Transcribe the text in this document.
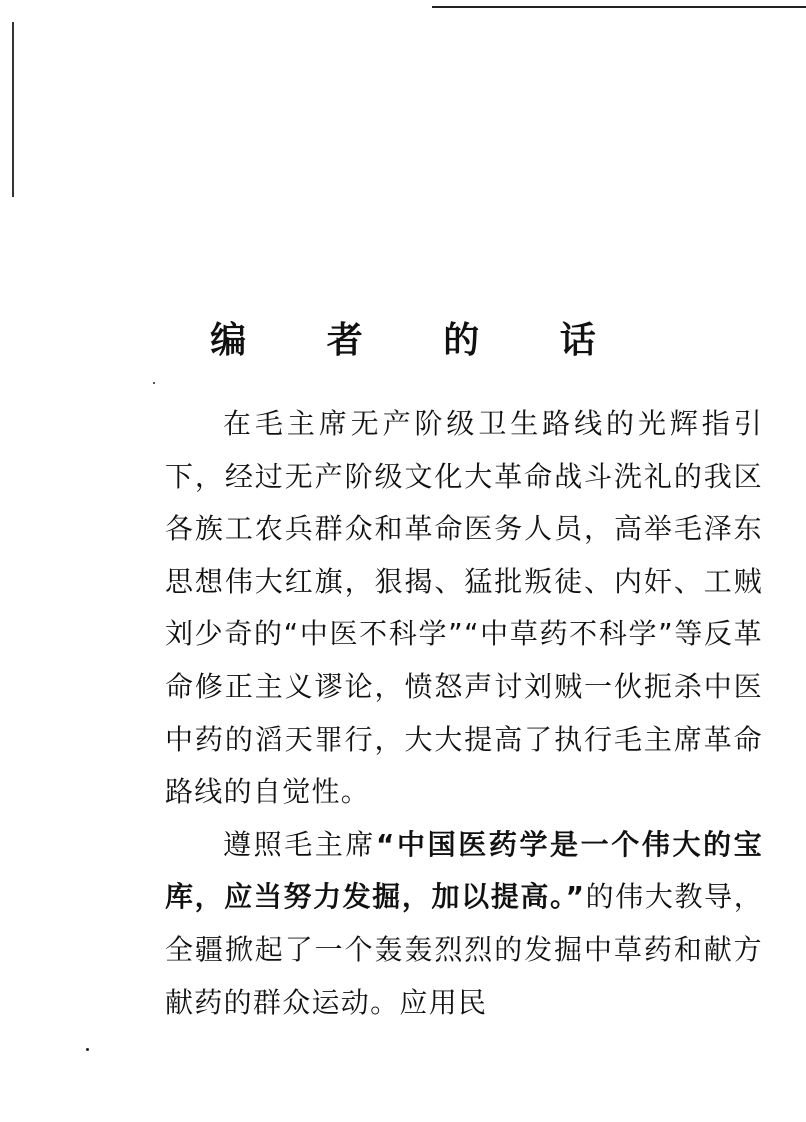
编 者 的 话

在毛主席无产阶级卫生路线的光辉指引下，经过无产阶级文化大革命战斗洗礼的我区各族工农兵群众和革命医务人员，高举毛泽东思想伟大红旗，狠揭、猛批叛徒、内奸、工贼刘少奇的“中医不科学”“中草药不科学”等反革命修正主义谬论，愤怒声讨刘贼一伙扼杀中医中药的滔天罪行，大大提高了执行毛主席革命路线的自觉性。

遵照毛主席“中国医药学是一个伟大的宝库，应当努力发掘，加以提高。”的伟大教导，全疆掀起了一个轰轰烈烈的发掘中草药和献方献药的群众运动。应用民
